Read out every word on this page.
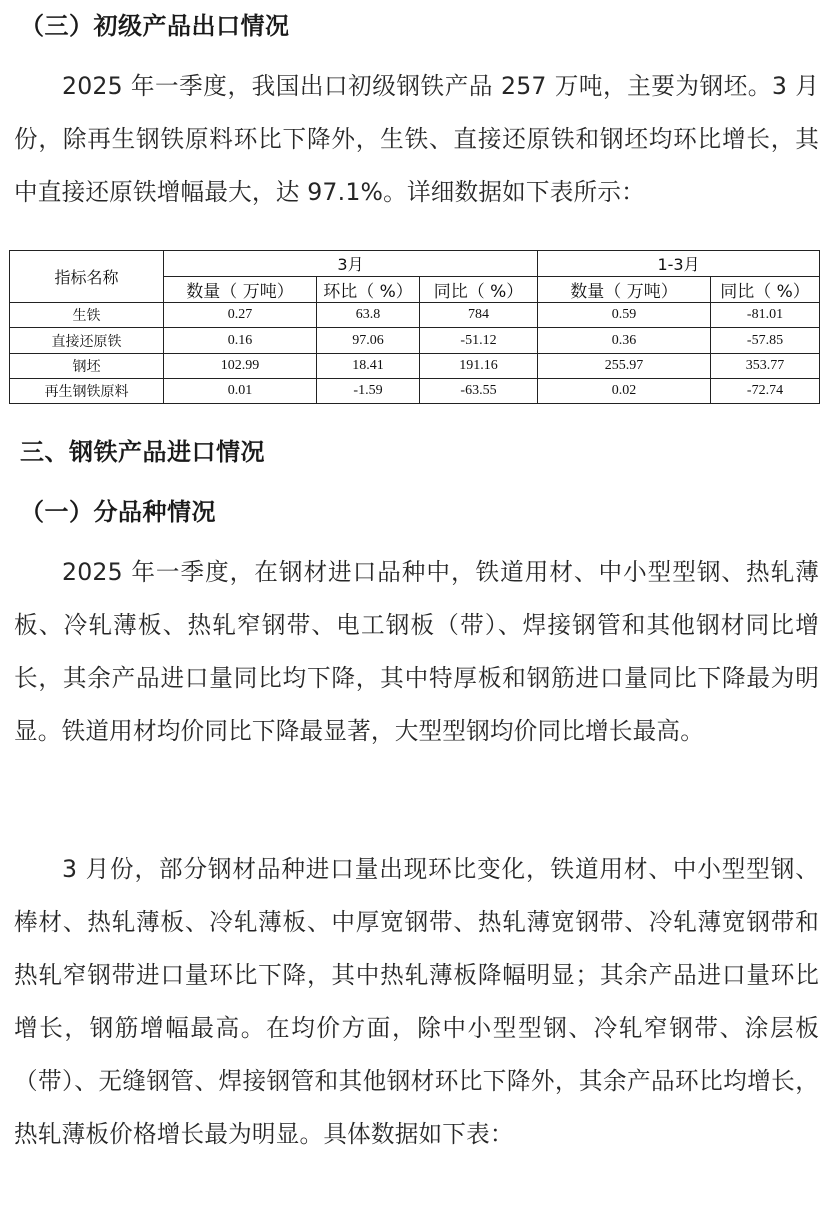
（三）初级产品出口情况

2025 年一季度，我国出口初级钢铁产品 257 万吨，主要为钢坯。3 月份，除再生钢铁原料环比下降外，生铁、直接还原铁和钢坯均环比增长，其中直接还原铁增幅最大，达 97.1%。详细数据如下表所示：

指标名称	3月			1-3月	
	数量（ 万吨）	环比（ %）	同比（ %）	数量（ 万吨）	同比（ %）
生铁	0.27	63.8	784	0.59	-81.01
直接还原铁	0.16	97.06	-51.12	0.36	-57.85
钢坯	102.99	18.41	191.16	255.97	353.77
再生钢铁原料	0.01	-1.59	-63.55	0.02	-72.74
三、钢铁产品进口情况
（一）分品种情况

2025 年一季度，在钢材进口品种中，铁道用材、中小型型钢、热轧薄板、冷轧薄板、热轧窄钢带、电工钢板（带）、焊接钢管和其他钢材同比增长，其余产品进口量同比均下降，其中特厚板和钢筋进口量同比下降最为明显。铁道用材均价同比下降最显著，大型型钢均价同比增长最高。

3 月份，部分钢材品种进口量出现环比变化，铁道用材、中小型型钢、棒材、热轧薄板、冷轧薄板、中厚宽钢带、热轧薄宽钢带、冷轧薄宽钢带和热轧窄钢带进口量环比下降，其中热轧薄板降幅明显；其余产品进口量环比增长，钢筋增幅最高。在均价方面，除中小型型钢、冷轧窄钢带、涂层板（带）、无缝钢管、焊接钢管和其他钢材环比下降外，其余产品环比均增长，热轧薄板价格增长最为明显。具体数据如下表：
